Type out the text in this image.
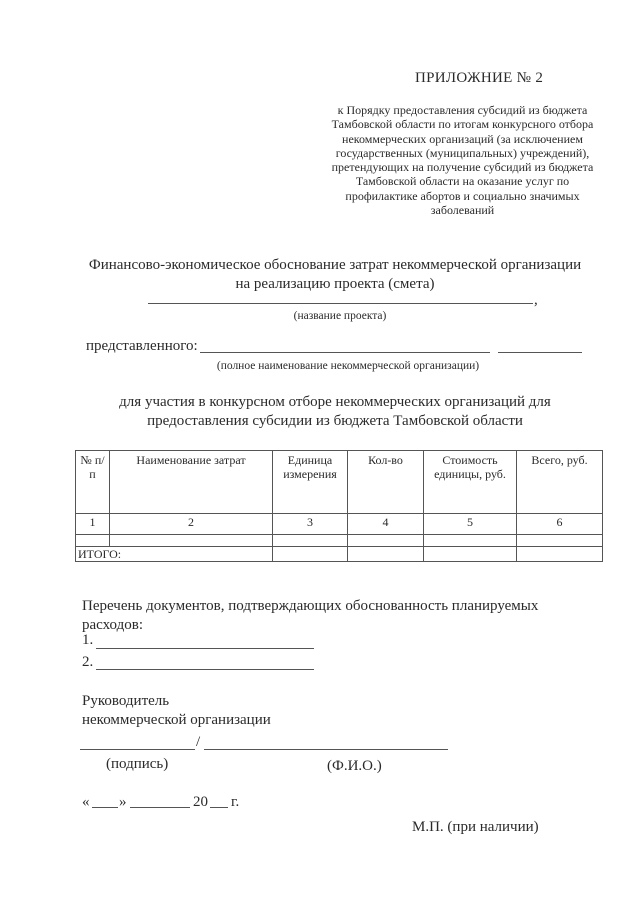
ПРИЛОЖНИЕ № 2
к Порядку предоставления субсидий из бюджета Тамбовской области по итогам конкурсного отбора некоммерческих организаций (за исключением государственных (муниципальных) учреждений), претендующих на получение субсидий из бюджета Тамбовской области на оказание услуг по профилактике абортов и социально значимых заболеваний
Финансово-экономическое обоснование затрат некоммерческой организации
на реализацию проекта (смета)
,
(название проекта)
представленного:
(полное наименование некоммерческой организации)
для участия в конкурсном отборе некоммерческих организаций для
предоставления субсидии из бюджета Тамбовской области
№ п/п	Наименование затрат	Единица измерения	Кол-во	Стоимость единицы, руб.	Всего, руб.
1	2	3	4	5	6

ИТОГО:					
Перечень документов, подтверждающих обоснованность планируемых расходов:
1.
2.
Руководитель
некоммерческой организации
/
(подпись)	(Ф.И.О.)
« »	20 г.
М.П. (при наличии)
